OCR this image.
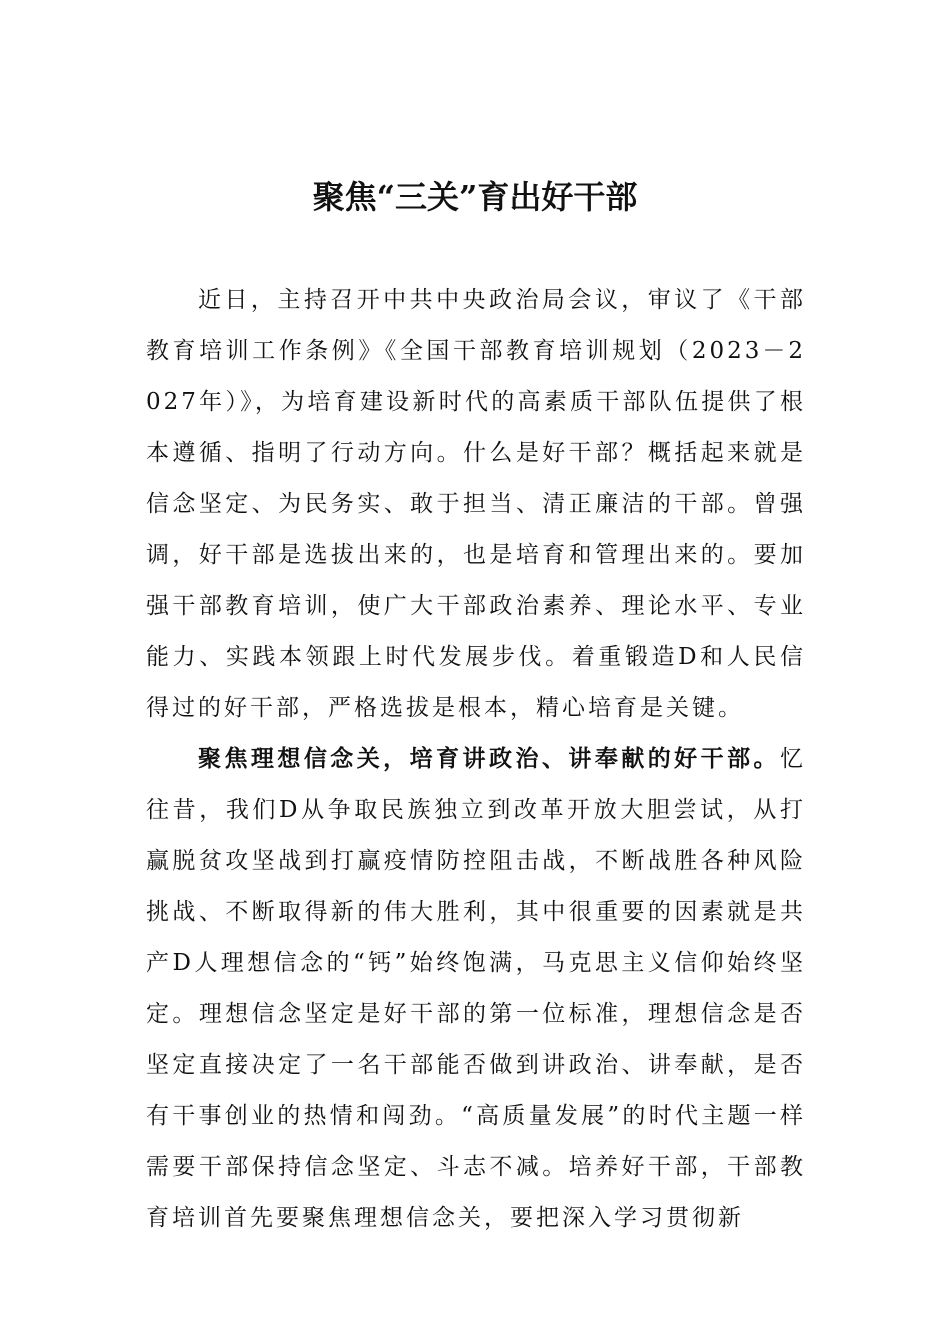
聚焦“三关”育出好干部

近日，主持召开中共中央政治局会议，审议了《干部教育培训工作条例》《全国干部教育培训规划（2023－2027年）》，为培育建设新时代的高素质干部队伍提供了根本遵循、指明了行动方向。什么是好干部？概括起来就是信念坚定、为民务实、敢于担当、清正廉洁的干部。曾强调，好干部是选拔出来的，也是培育和管理出来的。要加强干部教育培训，使广大干部政治素养、理论水平、专业能力、实践本领跟上时代发展步伐。着重锻造D和人民信得过的好干部，严格选拔是根本，精心培育是关键。

聚焦理想信念关，培育讲政治、讲奉献的好干部。忆往昔，我们D从争取民族独立到改革开放大胆尝试，从打赢脱贫攻坚战到打赢疫情防控阻击战，不断战胜各种风险挑战、不断取得新的伟大胜利，其中很重要的因素就是共产D人理想信念的“钙”始终饱满，马克思主义信仰始终坚定。理想信念坚定是好干部的第一位标准，理想信念是否坚定直接决定了一名干部能否做到讲政治、讲奉献，是否有干事创业的热情和闯劲。“高质量发展”的时代主题一样需要干部保持信念坚定、斗志不减。培养好干部，干部教育培训首先要聚焦理想信念关，要把深入学习贯彻新
